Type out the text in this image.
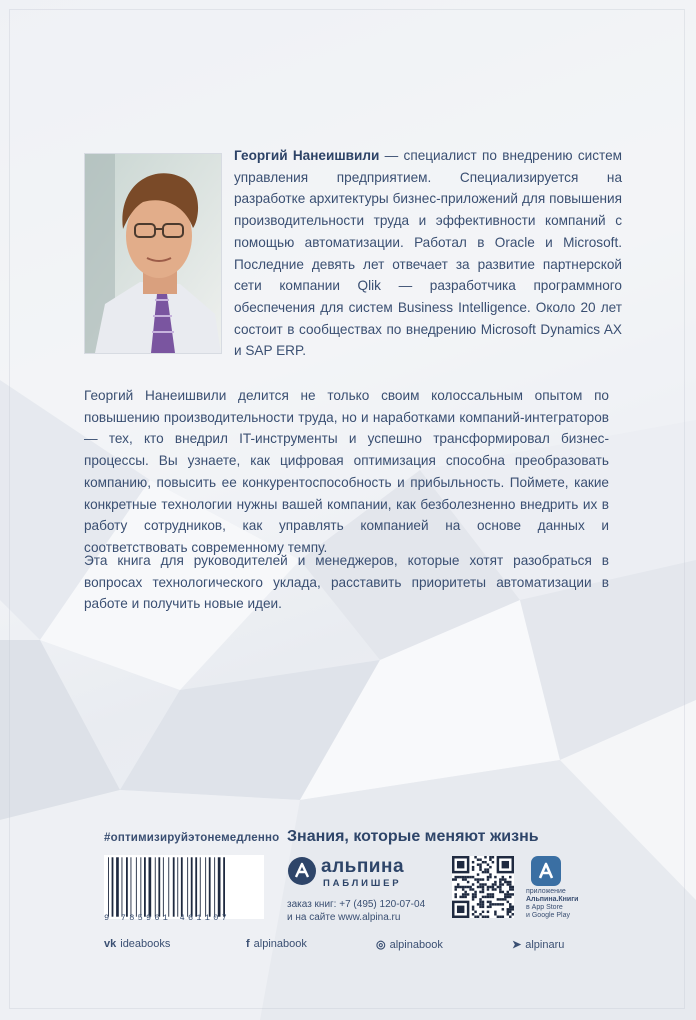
Георгий Нанеишвили — специалист по внедрению систем управления предприятием. Специализируется на разработке архитектуры бизнес-приложений для повышения производительности труда и эффективности компаний с помощью автоматизации. Работал в Oracle и Microsoft. Последние девять лет отвечает за развитие партнерской сети компании Qlik — разработчика программного обеспечения для систем Business Intelligence. Около 20 лет состоит в сообществах по внедрению Microsoft Dynamics AX и SAP ERP.
Георгий Нанеишвили делится не только своим колоссальным опытом по повышению производительности труда, но и наработками компаний-интеграторов — тех, кто внедрил IT-инструменты и успешно трансформировал бизнес-процессы. Вы узнаете, как цифровая оптимизация способна преобразовать компанию, повысить ее конкурентоспособность и прибыльность. Поймете, какие конкретные технологии нужны вашей компании, как безболезненно внедрить их в работу сотрудников, как управлять компанией на основе данных и соответствовать современному темпу.
Эта книга для руководителей и менеджеров, которые хотят разобраться в вопросах технологического уклада, расставить приоритеты автоматизации в работе и получить новые идеи.
#оптимизируйэтонемедленно Знания, которые меняют жизнь
9 785961 461107
альпина
ПАБЛИШЕР
заказ книг: +7 (495) 120-07-04
и на сайте www.alpina.ru
приложение
Альпина.Книги
в App Store
и Google Play
vk ideabooks	f alpinabook	◎ alpinabook	➤ alpinaru
